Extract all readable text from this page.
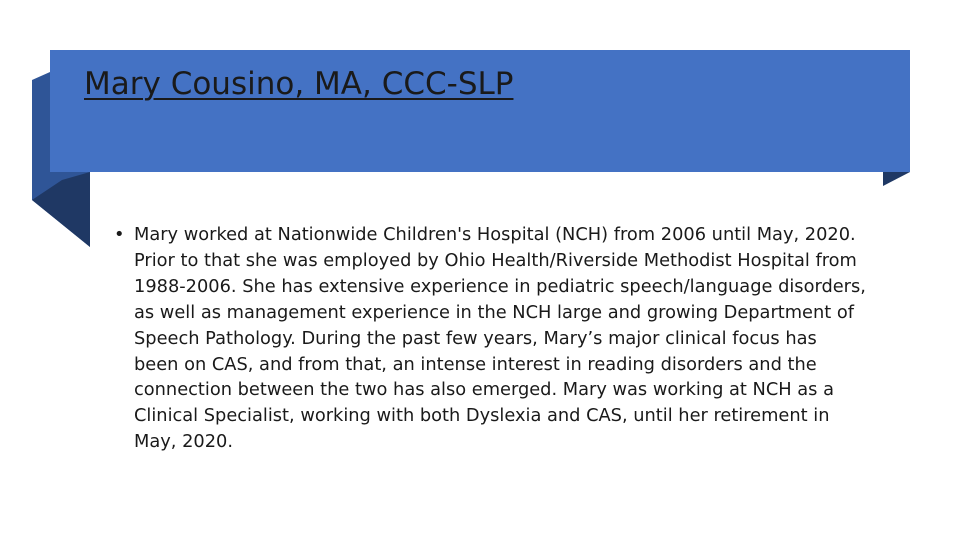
Mary Cousino, MA, CCC-SLP
• Mary worked at Nationwide Children's Hospital (NCH) from 2006 until May, 2020. Prior to that she was employed by Ohio Health/Riverside Methodist Hospital from 1988-2006. She has extensive experience in pediatric speech/language disorders, as well as management experience in the NCH large and growing Department of Speech Pathology. During the past few years, Mary’s major clinical focus has been on CAS, and from that, an intense interest in reading disorders and the connection between the two has also emerged. Mary was working at NCH as a Clinical Specialist, working with both Dyslexia and CAS, until her retirement in May, 2020.
